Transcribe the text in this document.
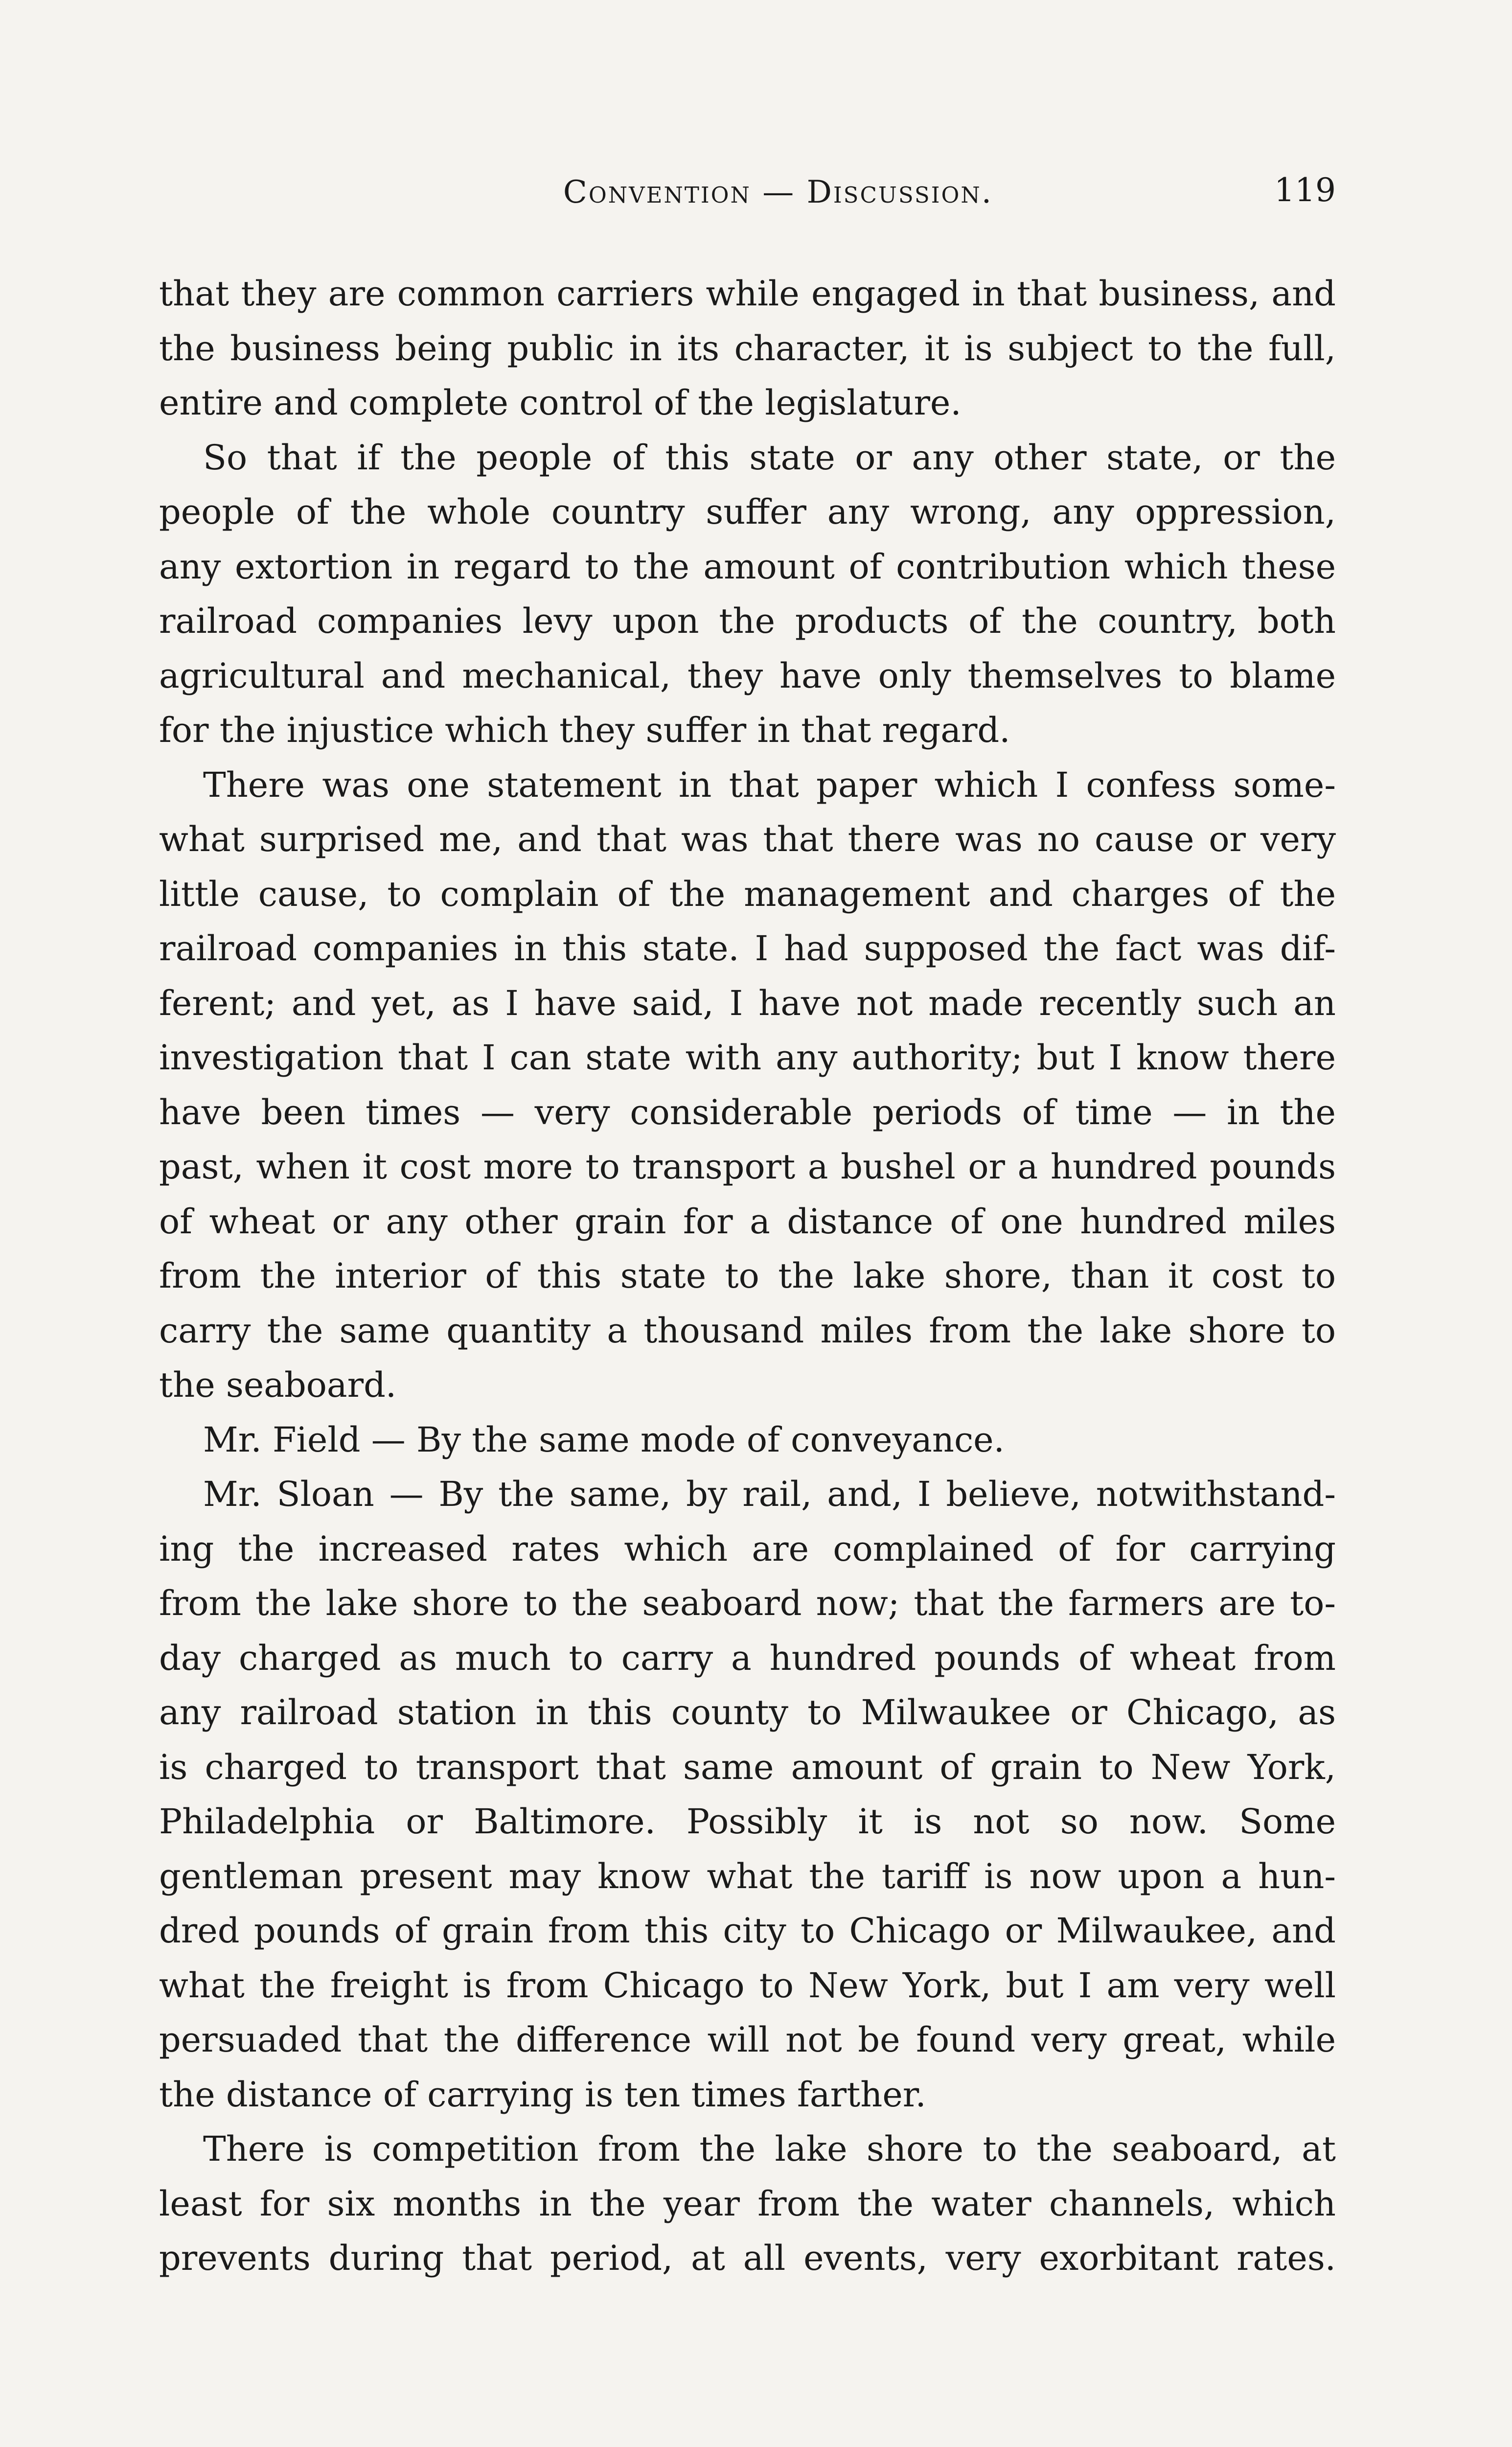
Convention — Discussion.	119
that they are common carriers while engaged in that business, and
the business being public in its character, it is subject to the full,
entire and complete control of the legislature.
So that if the people of this state or any other state, or the
people of the whole country suffer any wrong, any oppression,
any extortion in regard to the amount of contribution which these
railroad companies levy upon the products of the country, both
agricultural and mechanical, they have only themselves to blame
for the injustice which they suffer in that regard.
There was one statement in that paper which I confess some-
what surprised me, and that was that there was no cause or very
little cause, to complain of the management and charges of the
railroad companies in this state. I had supposed the fact was dif-
ferent; and yet, as I have said, I have not made recently such an
investigation that I can state with any authority; but I know there
have been times — very considerable periods of time — in the
past, when it cost more to transport a bushel or a hundred pounds
of wheat or any other grain for a distance of one hundred miles
from the interior of this state to the lake shore, than it cost to
carry the same quantity a thousand miles from the lake shore to
the seaboard.
Mr. Field — By the same mode of conveyance.
Mr. Sloan — By the same, by rail, and, I believe, notwithstand-
ing the increased rates which are complained of for carrying
from the lake shore to the seaboard now; that the farmers are to-
day charged as much to carry a hundred pounds of wheat from
any railroad station in this county to Milwaukee or Chicago, as
is charged to transport that same amount of grain to New York,
Philadelphia or Baltimore. Possibly it is not so now. Some
gentleman present may know what the tariff is now upon a hun-
dred pounds of grain from this city to Chicago or Milwaukee, and
what the freight is from Chicago to New York, but I am very well
persuaded that the difference will not be found very great, while
the distance of carrying is ten times farther.
There is competition from the lake shore to the seaboard, at
least for six months in the year from the water channels, which
prevents during that period, at all events, very exorbitant rates.
